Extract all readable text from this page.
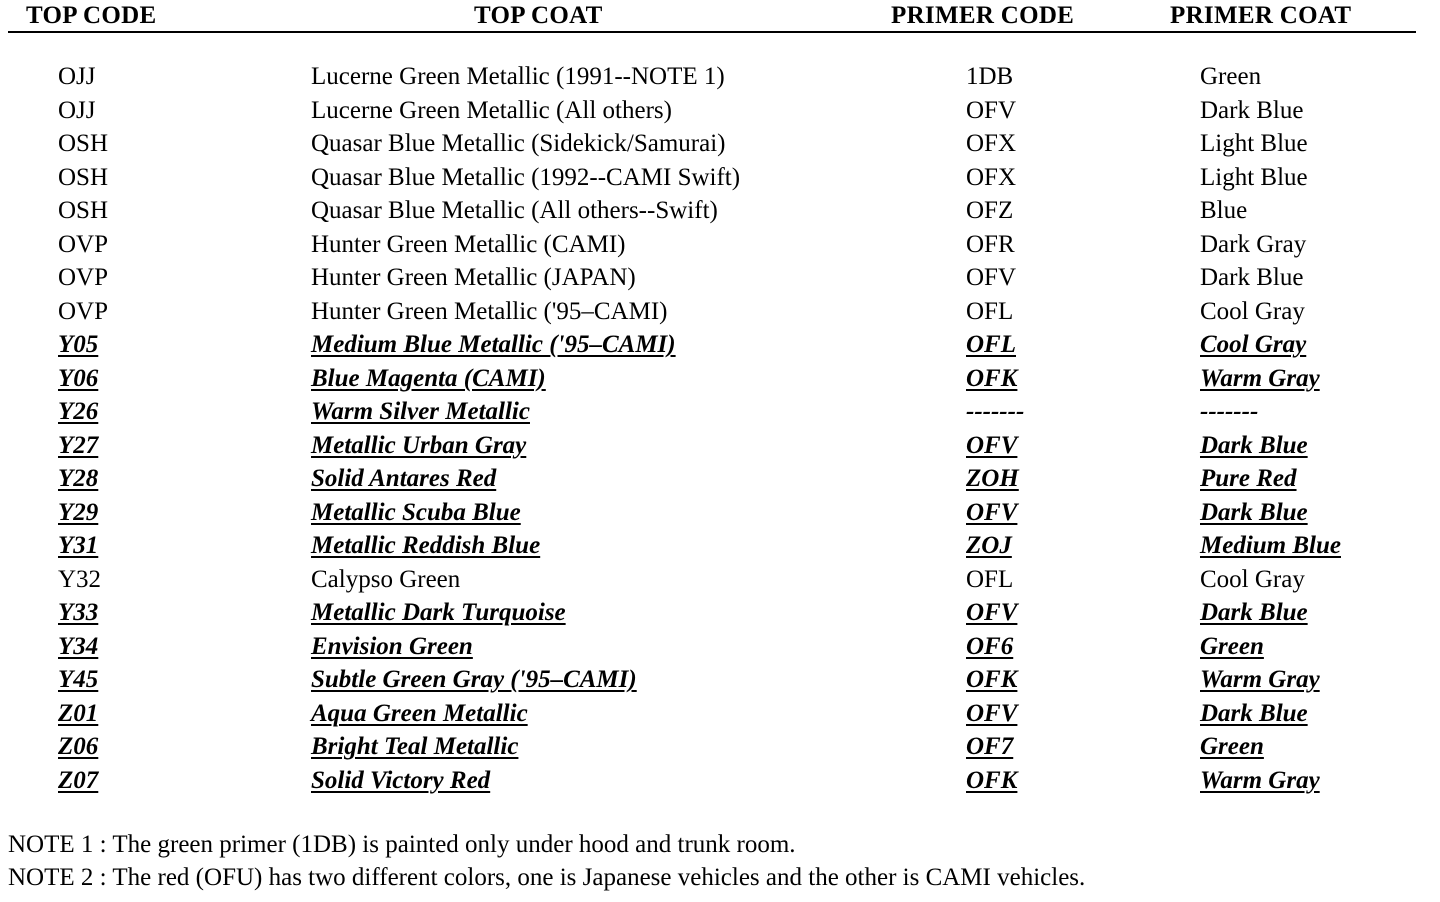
TOP CODE	TOP COAT	PRIMER CODE	PRIMER COAT
OJJ	Lucerne Green Metallic (1991--NOTE 1)	1DB	Green
OJJ	Lucerne Green Metallic (All others)	OFV	Dark Blue
OSH	Quasar Blue Metallic (Sidekick/Samurai)	OFX	Light Blue
OSH	Quasar Blue Metallic (1992--CAMI Swift)	OFX	Light Blue
OSH	Quasar Blue Metallic (All others--Swift)	OFZ	Blue
OVP	Hunter Green Metallic (CAMI)	OFR	Dark Gray
OVP	Hunter Green Metallic (JAPAN)	OFV	Dark Blue
OVP	Hunter Green Metallic ('95–CAMI)	OFL	Cool Gray
Y05	Medium Blue Metallic ('95–CAMI)	OFL	Cool Gray
Y06	Blue Magenta (CAMI)	OFK	Warm Gray
Y26	Warm Silver Metallic	-------	-------
Y27	Metallic Urban Gray	OFV	Dark Blue
Y28	Solid Antares Red	ZOH	Pure Red
Y29	Metallic Scuba Blue	OFV	Dark Blue
Y31	Metallic Reddish Blue	ZOJ	Medium Blue
Y32	Calypso Green	OFL	Cool Gray
Y33	Metallic Dark Turquoise	OFV	Dark Blue
Y34	Envision Green	OF6	Green
Y45	Subtle Green Gray ('95–CAMI)	OFK	Warm Gray
Z01	Aqua Green Metallic	OFV	Dark Blue
Z06	Bright Teal Metallic	OF7	Green
Z07	Solid Victory Red	OFK	Warm Gray
NOTE 1 : The green primer (1DB) is painted only under hood and trunk room.
NOTE 2 : The red (OFU) has two different colors, one is Japanese vehicles and the other is CAMI vehicles.
